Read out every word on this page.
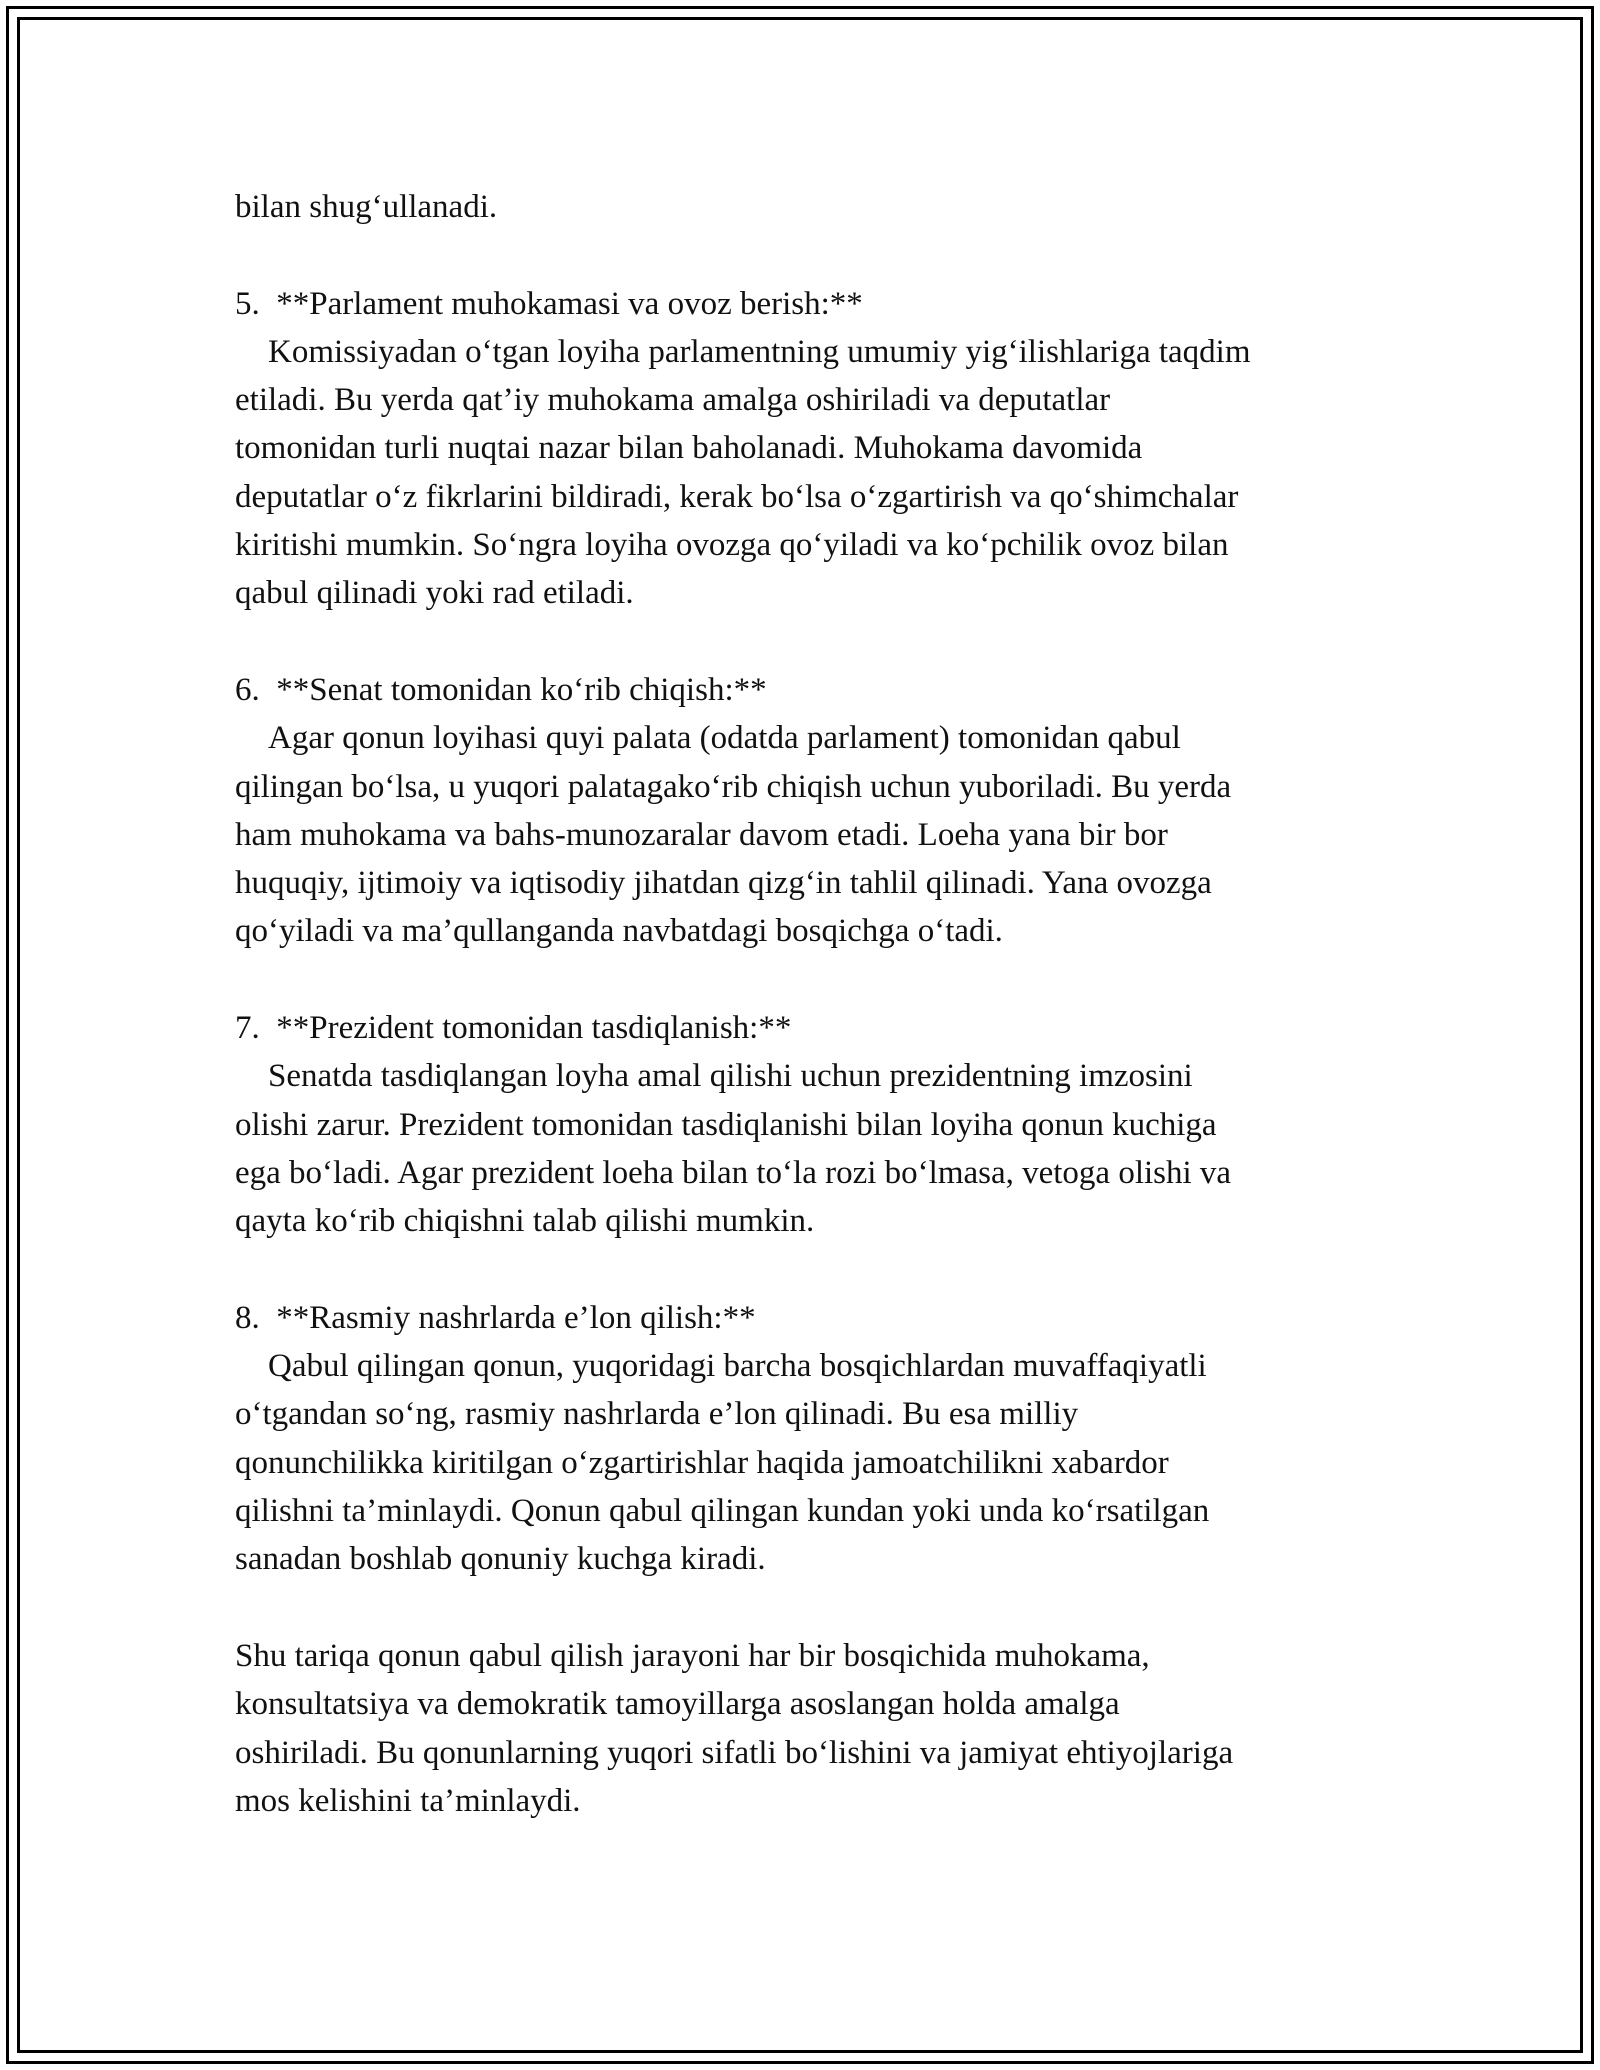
bilan shug‘ullanadi.

5.  **Parlament muhokamasi va ovoz berish:**

Komissiyadan o‘tgan loyiha parlamentning umumiy yig‘ilishlariga taqdim

etiladi. Bu yerda qat’iy muhokama amalga oshiriladi va deputatlar

tomonidan turli nuqtai nazar bilan baholanadi. Muhokama davomida

deputatlar o‘z fikrlarini bildiradi, kerak bo‘lsa o‘zgartirish va qo‘shimchalar

kiritishi mumkin. So‘ngra loyiha ovozga qo‘yiladi va ko‘pchilik ovoz bilan

qabul qilinadi yoki rad etiladi.

6.  **Senat tomonidan ko‘rib chiqish:**

Agar qonun loyihasi quyi palata (odatda parlament) tomonidan qabul

qilingan bo‘lsa, u yuqori palatagako‘rib chiqish uchun yuboriladi. Bu yerda

ham muhokama va bahs-munozaralar davom etadi. Loeha yana bir bor

huquqiy, ijtimoiy va iqtisodiy jihatdan qizg‘in tahlil qilinadi. Yana ovozga

qo‘yiladi va ma’qullanganda navbatdagi bosqichga o‘tadi.

7.  **Prezident tomonidan tasdiqlanish:**

Senatda tasdiqlangan loyha amal qilishi uchun prezidentning imzosini

olishi zarur. Prezident tomonidan tasdiqlanishi bilan loyiha qonun kuchiga

ega bo‘ladi. Agar prezident loeha bilan to‘la rozi bo‘lmasa, vetoga olishi va

qayta ko‘rib chiqishni talab qilishi mumkin.

8.  **Rasmiy nashrlarda e’lon qilish:**

Qabul qilingan qonun, yuqoridagi barcha bosqichlardan muvaffaqiyatli

o‘tgandan so‘ng, rasmiy nashrlarda e’lon qilinadi. Bu esa milliy

qonunchilikka kiritilgan o‘zgartirishlar haqida jamoatchilikni xabardor

qilishni ta’minlaydi. Qonun qabul qilingan kundan yoki unda ko‘rsatilgan

sanadan boshlab qonuniy kuchga kiradi.

Shu tariqa qonun qabul qilish jarayoni har bir bosqichida muhokama,

konsultatsiya va demokratik tamoyillarga asoslangan holda amalga

oshiriladi. Bu qonunlarning yuqori sifatli bo‘lishini va jamiyat ehtiyojlariga

mos kelishini ta’minlaydi.
